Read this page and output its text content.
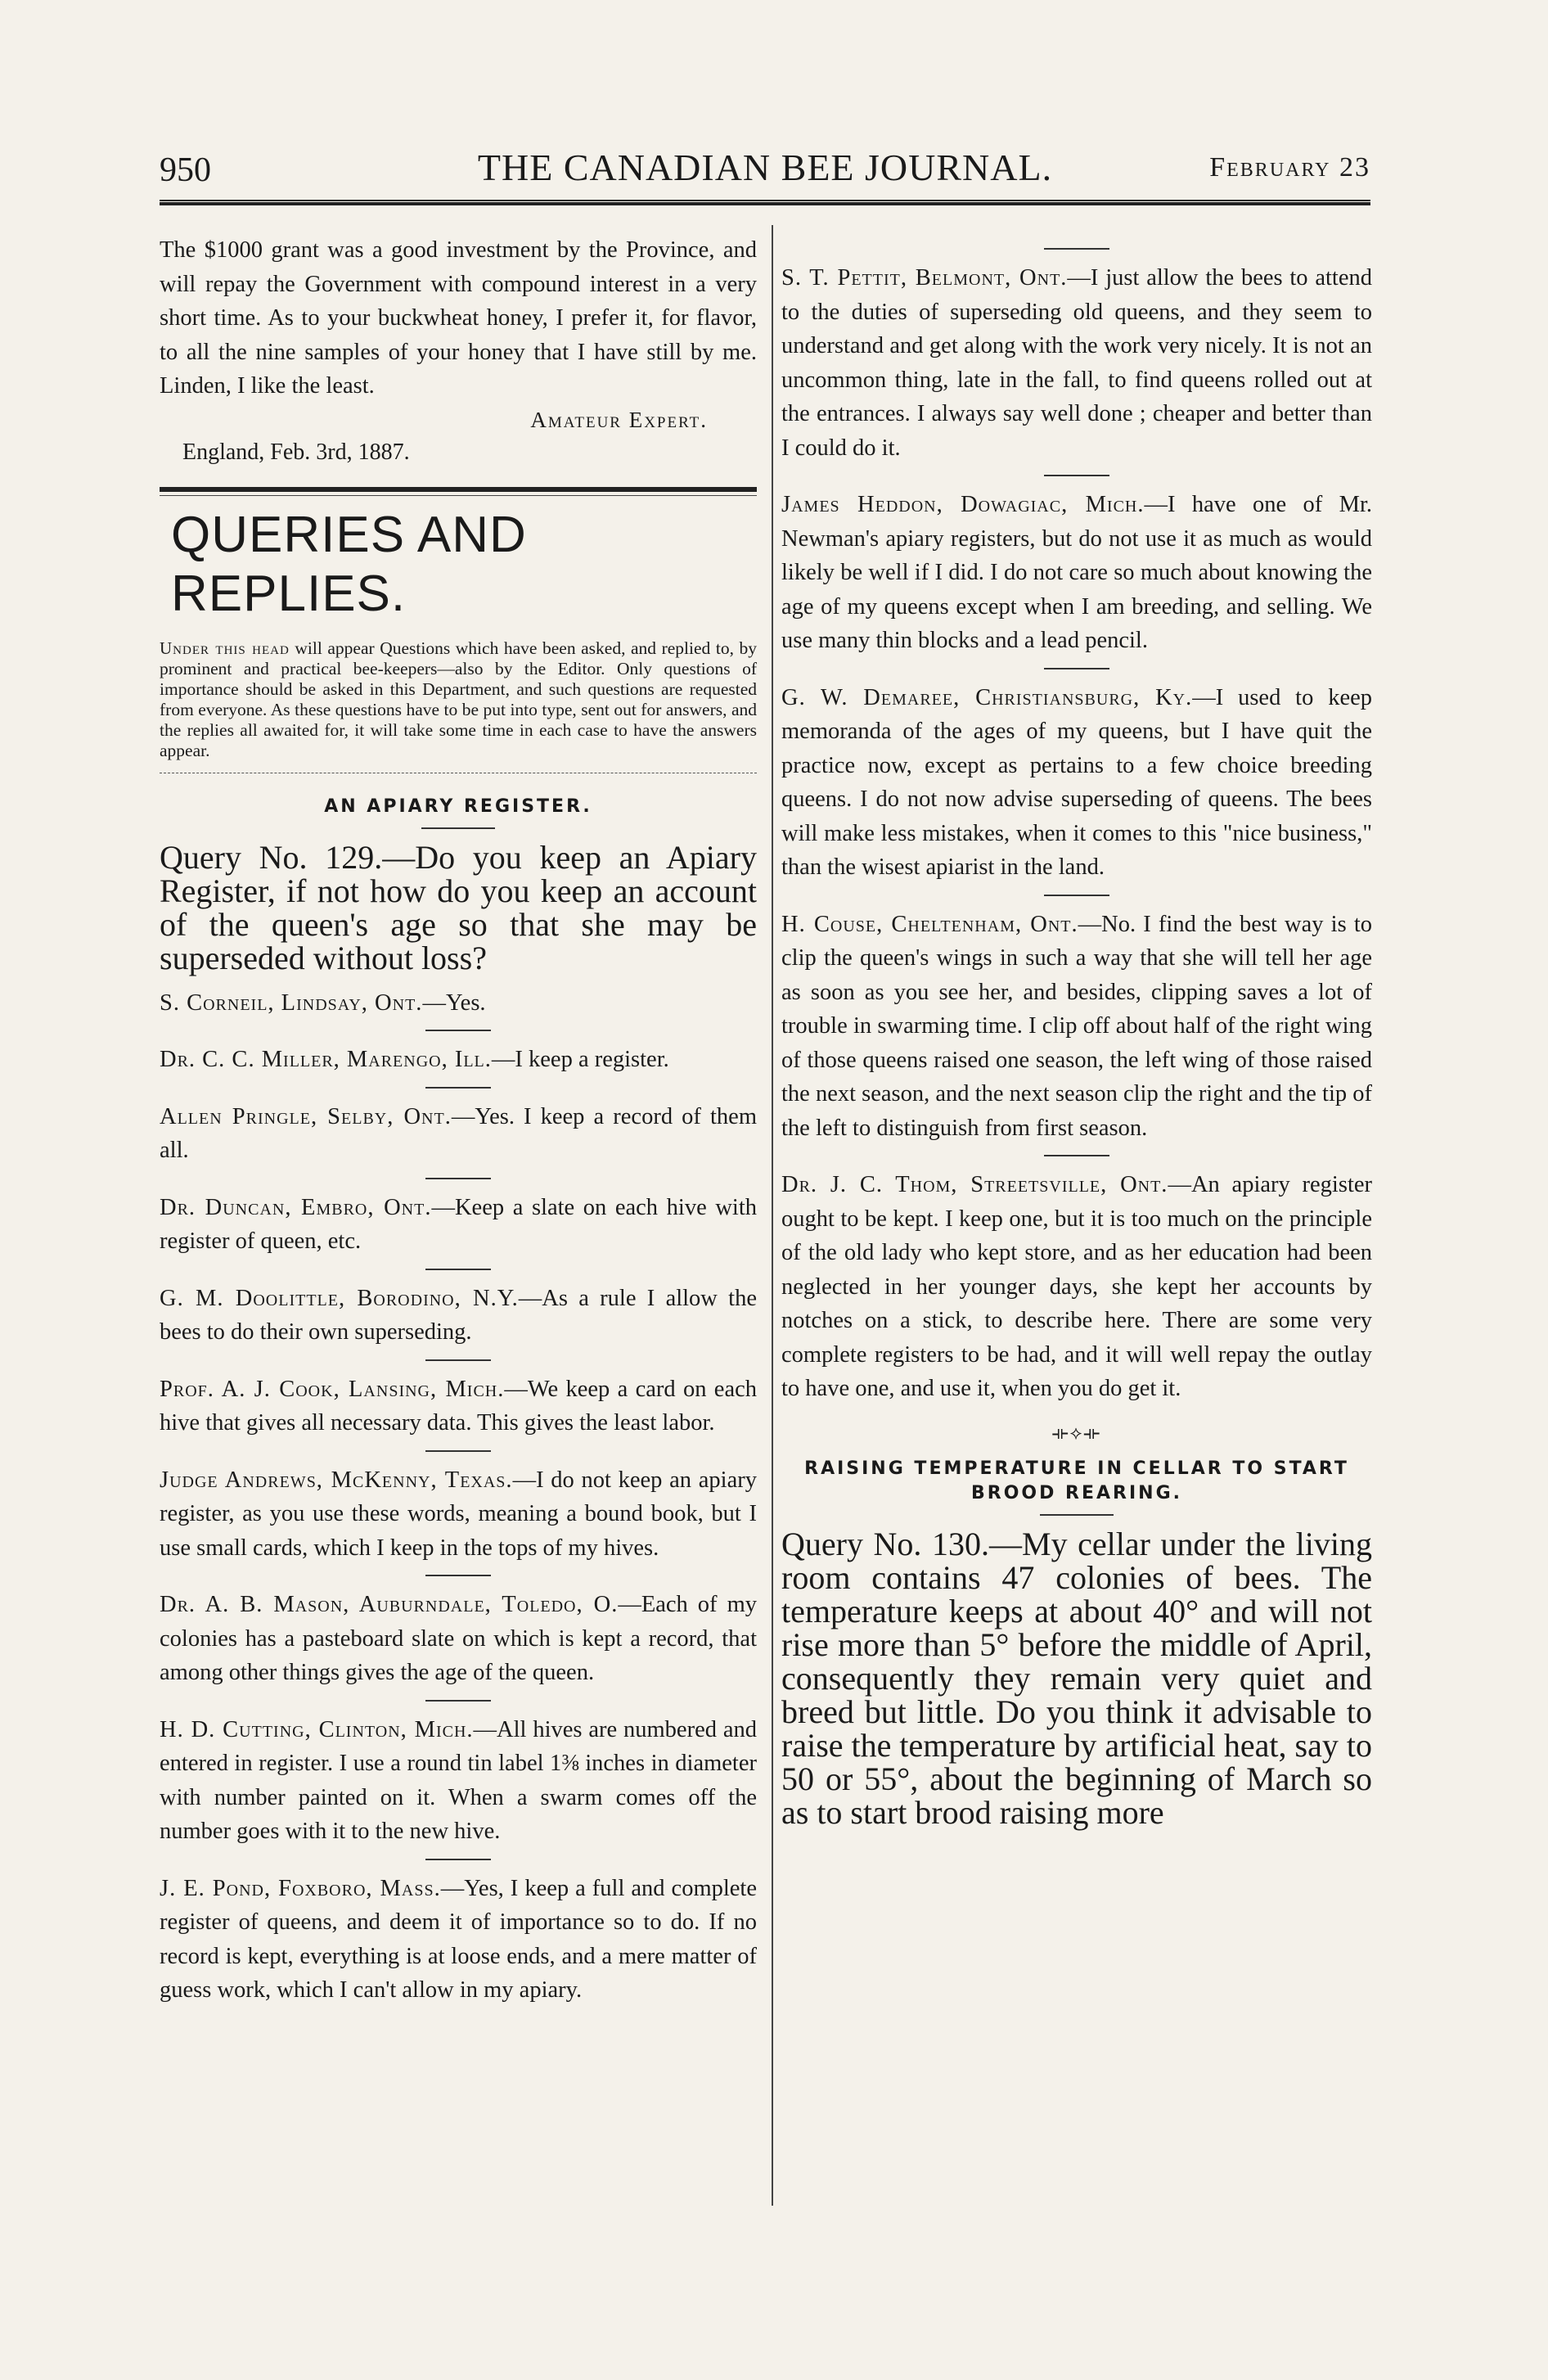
950	THE CANADIAN BEE JOURNAL.	February 23

The $1000 grant was a good investment by the Province, and will repay the Government with compound interest in a very short time. As to your buckwheat honey, I prefer it, for flavor, to all the nine samples of your honey that I have still by me. Linden, I like the least.

Amateur Expert.

England, Feb. 3rd, 1887.

QUERIES AND REPLIES.

Under this head will appear Questions which have been asked, and replied to, by prominent and practical bee-keepers—also by the Editor. Only questions of importance should be asked in this Department, and such questions are requested from everyone. As these questions have to be put into type, sent out for answers, and the replies all awaited for, it will take some time in each case to have the answers appear.

AN APIARY REGISTER.

Query No. 129.—Do you keep an Apiary Register, if not how do you keep an account of the queen's age so that she may be superseded without loss?

S. Corneil, Lindsay, Ont.—Yes.

Dr. C. C. Miller, Marengo, Ill.—I keep a register.

Allen Pringle, Selby, Ont.—Yes. I keep a record of them all.

Dr. Duncan, Embro, Ont.—Keep a slate on each hive with register of queen, etc.

G. M. Doolittle, Borodino, N.Y.—As a rule I allow the bees to do their own superseding.

Prof. A. J. Cook, Lansing, Mich.—We keep a card on each hive that gives all necessary data. This gives the least labor.

Judge Andrews, McKenny, Texas.—I do not keep an apiary register, as you use these words, meaning a bound book, but I use small cards, which I keep in the tops of my hives.

Dr. A. B. Mason, Auburndale, Toledo, O.—Each of my colonies has a pasteboard slate on which is kept a record, that among other things gives the age of the queen.

H. D. Cutting, Clinton, Mich.—All hives are numbered and entered in register. I use a round tin label 1⅜ inches in diameter with number painted on it. When a swarm comes off the number goes with it to the new hive.

J. E. Pond, Foxboro, Mass.—Yes, I keep a full and complete register of queens, and deem it of importance so to do. If no record is kept, everything is at loose ends, and a mere matter of guess work, which I can't allow in my apiary.

S. T. Pettit, Belmont, Ont.—I just allow the bees to attend to the duties of superseding old queens, and they seem to understand and get along with the work very nicely. It is not an uncommon thing, late in the fall, to find queens rolled out at the entrances. I always say well done ; cheaper and better than I could do it.

James Heddon, Dowagiac, Mich.—I have one of Mr. Newman's apiary registers, but do not use it as much as would likely be well if I did. I do not care so much about knowing the age of my queens except when I am breeding, and selling. We use many thin blocks and a lead pencil.

G. W. Demaree, Christiansburg, Ky.—I used to keep memoranda of the ages of my queens, but I have quit the practice now, except as pertains to a few choice breeding queens. I do not now advise superseding of queens. The bees will make less mistakes, when it comes to this "nice business," than the wisest apiarist in the land.

H. Couse, Cheltenham, Ont.—No. I find the best way is to clip the queen's wings in such a way that she will tell her age as soon as you see her, and besides, clipping saves a lot of trouble in swarming time. I clip off about half of the right wing of those queens raised one season, the left wing of those raised the next season, and the next season clip the right and the tip of the left to distinguish from first season.

Dr. J. C. Thom, Streetsville, Ont.—An apiary register ought to be kept. I keep one, but it is too much on the principle of the old lady who kept store, and as her education had been neglected in her younger days, she kept her accounts by notches on a stick, to describe here. There are some very complete registers to be had, and it will well repay the outlay to have one, and use it, when you do get it.

⟛⟡⟛
RAISING TEMPERATURE IN CELLAR TO START BROOD REARING.

Query No. 130.—My cellar under the living room contains 47 colonies of bees. The temperature keeps at about 40° and will not rise more than 5° before the middle of April, consequently they remain very quiet and breed but little. Do you think it advisable to raise the temperature by artificial heat, say to 50 or 55°, about the beginning of March so as to start brood raising more
